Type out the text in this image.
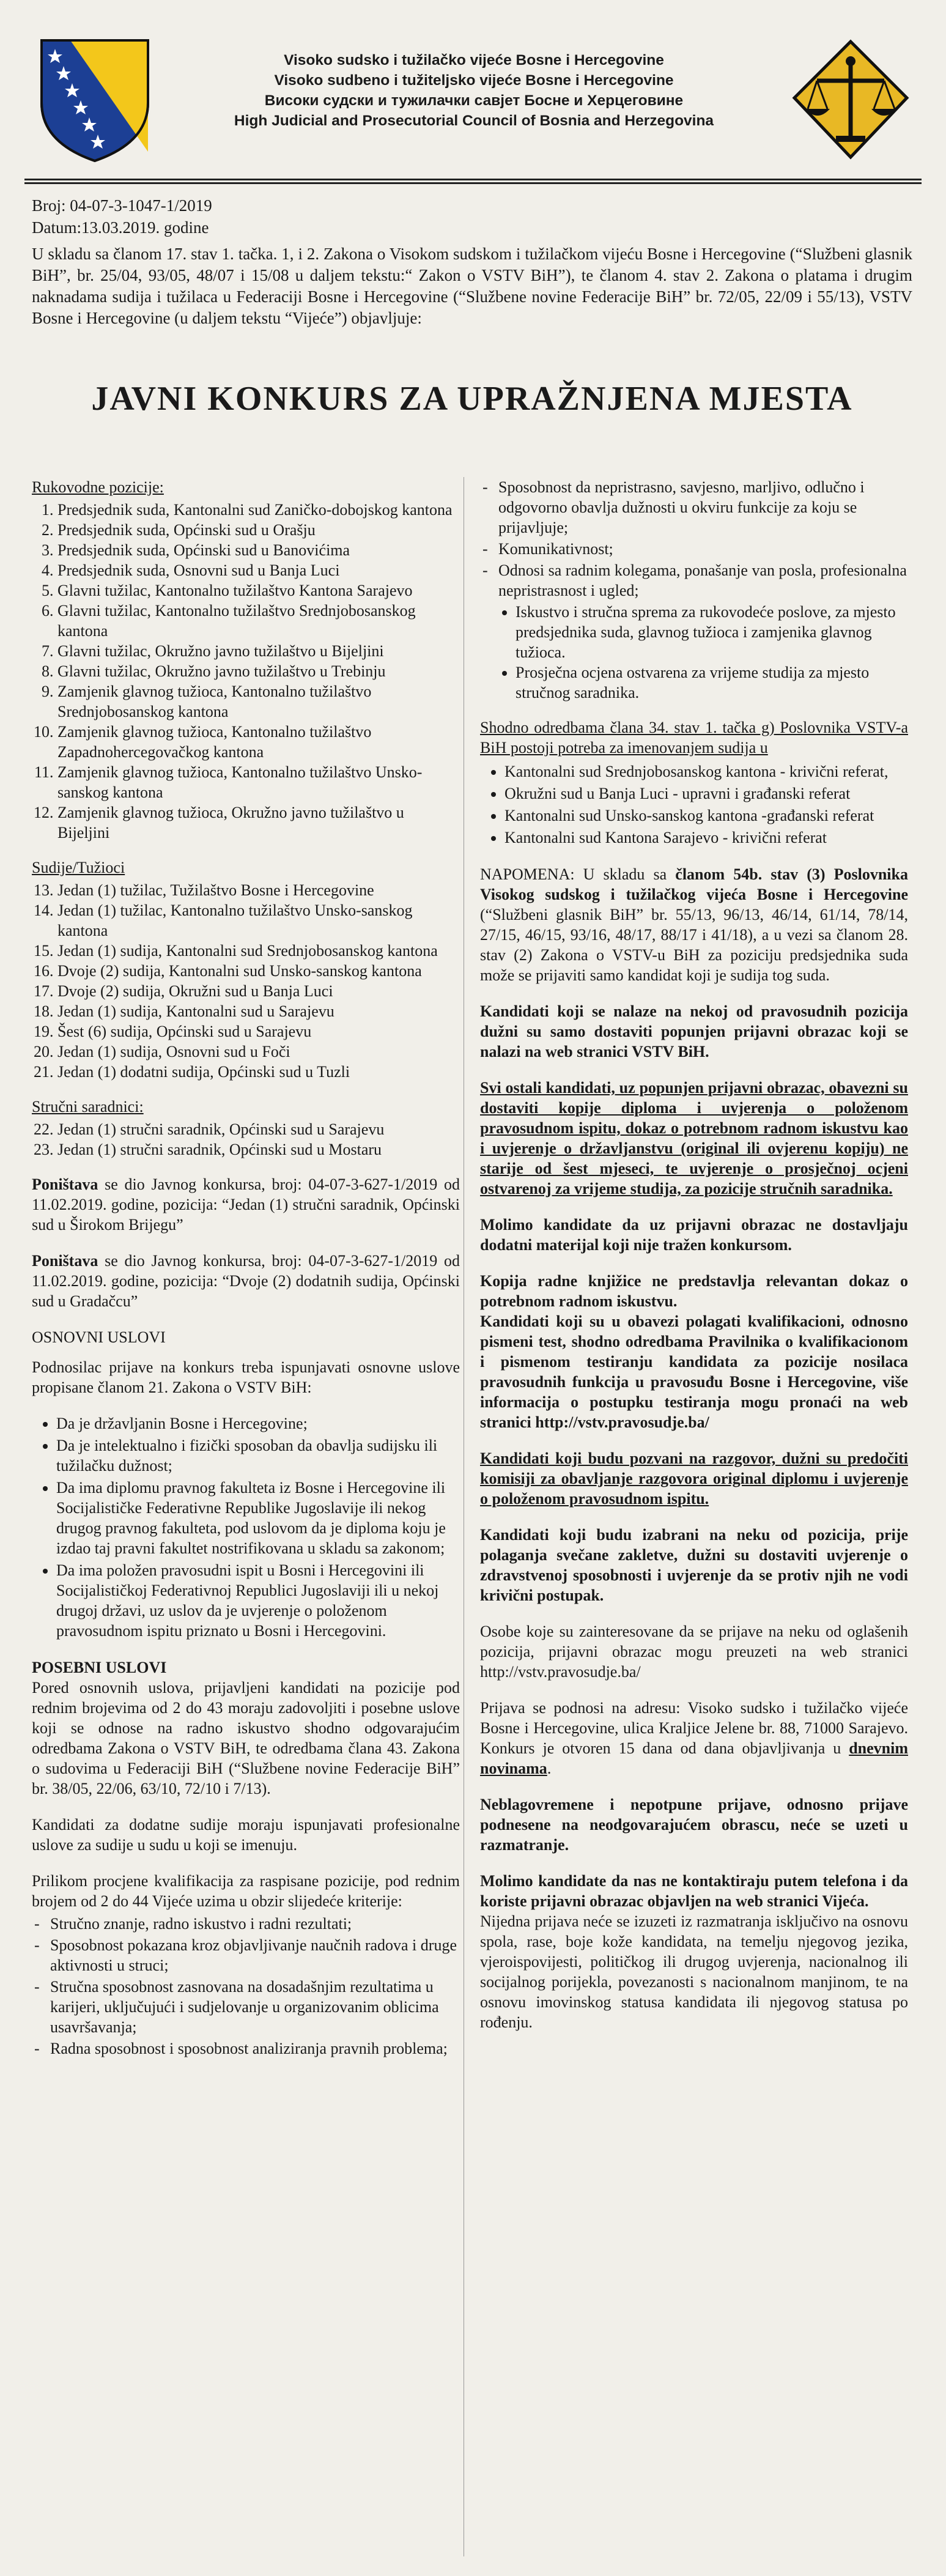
Visoko sudsko i tužilačko vijeće Bosne i Hercegovine
Visoko sudbeno i tužiteljsko vijeće Bosne i Hercegovine
Високи судски и тужилачки савјет Босне и Херцеговине
High Judicial and Prosecutorial Council of Bosnia and Herzegovina
Broj: 04-07-3-1047-1/2019
Datum:13.03.2019. godine
U skladu sa članom 17. stav 1. tačka. 1, i 2. Zakona o Visokom sudskom i tužilačkom vijeću Bosne i Hercegovine (“Službeni glasnik BiH”, br. 25/04, 93/05, 48/07 i 15/08 u daljem tekstu:“ Zakon o VSTV BiH”), te članom 4. stav 2. Zakona o platama i drugim naknadama sudija i tužilaca u Federaciji Bosne i Hercegovine (“Službene novine Federacije BiH” br. 72/05, 22/09 i 55/13), VSTV Bosne i Hercegovine (u daljem tekstu “Vijeće”) objavljuje:
JAVNI KONKURS ZA UPRAŽNJENA MJESTA
Rukovodne pozicije:
1. Predsjednik suda, Kantonalni sud Zaničko-dobojskog kantona
2. Predsjednik suda, Općinski sud u Orašju
3. Predsjednik suda, Općinski sud u Banovićima
4. Predsjednik suda, Osnovni sud u Banja Luci
5. Glavni tužilac, Kantonalno tužilaštvo Kantona Sarajevo
6. Glavni tužilac, Kantonalno tužilaštvo Srednjobosanskog kantona
7. Glavni tužilac, Okružno javno tužilaštvo u Bijeljini
8. Glavni tužilac, Okružno javno tužilaštvo u Trebinju
9. Zamjenik glavnog tužioca, Kantonalno tužilaštvo Srednjobosanskog kantona
10. Zamjenik glavnog tužioca, Kantonalno tužilaštvo Zapadnohercegovačkog kantona
11. Zamjenik glavnog tužioca, Kantonalno tužilaštvo Unsko-sanskog kantona
12. Zamjenik glavnog tužioca, Okružno javno tužilaštvo u Bijeljini
Sudije/Tužioci
13. Jedan (1) tužilac, Tužilaštvo Bosne i Hercegovine
14. Jedan (1) tužilac, Kantonalno tužilaštvo Unsko-sanskog kantona
15. Jedan (1) sudija, Kantonalni sud Srednjobosanskog kantona
16. Dvoje (2) sudija, Kantonalni sud Unsko-sanskog kantona
17. Dvoje (2) sudija, Okružni sud u Banja Luci
18. Jedan (1) sudija, Kantonalni sud u Sarajevu
19. Šest (6) sudija, Općinski sud u Sarajevu
20. Jedan (1) sudija, Osnovni sud u Foči
21. Jedan (1) dodatni sudija, Općinski sud u Tuzli
Stručni saradnici:
22. Jedan (1) stručni saradnik, Općinski sud u Sarajevu
23. Jedan (1) stručni saradnik, Općinski sud u Mostaru

Poništava se dio Javnog konkursa, broj: 04-07-3-627-1/2019 od 11.02.2019. godine, pozicija: “Jedan (1) stručni saradnik, Općinski sud u Širokom Brijegu”

Poništava se dio Javnog konkursa, broj: 04-07-3-627-1/2019 od 11.02.2019. godine, pozicija: “Dvoje (2) dodatnih sudija, Općinski sud u Gradačcu”

OSNOVNI USLOVI

Podnosilac prijave na konkurs treba ispunjavati osnovne uslove propisane članom 21. Zakona o VSTV BiH:

• Da je državljanin Bosne i Hercegovine;
• Da je intelektualno i fizički sposoban da obavlja sudijsku ili tužilačku dužnost;
• Da ima diplomu pravnog fakulteta iz Bosne i Hercegovine ili Socijalističke Federativne Republike Jugoslavije ili nekog drugog pravnog fakulteta, pod uslovom da je diploma koju je izdao taj pravni fakultet nostrifikovana u skladu sa zakonom;
• Da ima položen pravosudni ispit u Bosni i Hercegovini ili Socijalističkoj Federativnoj Republici Jugoslaviji ili u nekoj drugoj državi, uz uslov da je uvjerenje o položenom pravosudnom ispitu priznato u Bosni i Hercegovini.
POSEBNI USLOVI

Pored osnovnih uslova, prijavljeni kandidati na pozicije pod rednim brojevima od 2 do 43 moraju zadovoljiti i posebne uslove koji se odnose na radno iskustvo shodno odgovarajućim odredbama Zakona o VSTV BiH, te odredbama člana 43. Zakona o sudovima u Federaciji BiH (“Službene novine Federacije BiH” br. 38/05, 22/06, 63/10, 72/10 i 7/13).

Kandidati za dodatne sudije moraju ispunjavati profesionalne uslove za sudije u sudu u koji se imenuju.

Prilikom procjene kvalifikacija za raspisane pozicije, pod rednim brojem od 2 do 44 Vijeće uzima u obzir slijedeće kriterije:

- Stručno znanje, radno iskustvo i radni rezultati;
- Sposobnost pokazana kroz objavljivanje naučnih radova i druge aktivnosti u struci;
- Stručna sposobnost zasnovana na dosadašnjim rezultatima u karijeri, uključujući i sudjelovanje u organizovanim oblicima usavršavanja;
- Radna sposobnost i sposobnost analiziranja pravnih problema;
- Sposobnost da nepristrasno, savjesno, marljivo, odlučno i odgovorno obavlja dužnosti u okviru funkcije za koju se prijavljuje;
- Komunikativnost;
- Odnosi sa radnim kolegama, ponašanje van posla, profesionalna nepristrasnost i ugled;
• Iskustvo i stručna sprema za rukovodeće poslove, za mjesto predsjednika suda, glavnog tužioca i zamjenika glavnog tužioca.
• Prosječna ocjena ostvarena za vrijeme studija za mjesto stručnog saradnika.

Shodno odredbama člana 34. stav 1. tačka g) Poslovnika VSTV-a BiH postoji potreba za imenovanjem sudija u

• Kantonalni sud Srednjobosanskog kantona - krivični referat,
• Okružni sud u Banja Luci - upravni i građanski referat
• Kantonalni sud Unsko-sanskog kantona -građanski referat
• Kantonalni sud Kantona Sarajevo - krivični referat

NAPOMENA: U skladu sa članom 54b. stav (3) Poslovnika Visokog sudskog i tužilačkog vijeća Bosne i Hercegovine (“Službeni glasnik BiH” br. 55/13, 96/13, 46/14, 61/14, 78/14, 27/15, 46/15, 93/16, 48/17, 88/17 i 41/18), a u vezi sa članom 28. stav (2) Zakona o VSTV-u BiH za poziciju predsjednika suda može se prijaviti samo kandidat koji je sudija tog suda.

Kandidati koji se nalaze na nekoj od pravosudnih pozicija dužni su samo dostaviti popunjen prijavni obrazac koji se nalazi na web stranici VSTV BiH.

Svi ostali kandidati, uz popunjen prijavni obrazac, obavezni su dostaviti kopije diploma i uvjerenja o položenom pravosudnom ispitu, dokaz o potrebnom radnom iskustvu kao i uvjerenje o državljanstvu (original ili ovjerenu kopiju) ne starije od šest mjeseci, te uvjerenje o prosječnoj ocjeni ostvarenoj za vrijeme studija, za pozicije stručnih saradnika.

Molimo kandidate da uz prijavni obrazac ne dostavljaju dodatni materijal koji nije tražen konkursom.

Kopija radne knjižice ne predstavlja relevantan dokaz o potrebnom radnom iskustvu.

Kandidati koji su u obavezi polagati kvalifikacioni, odnosno pismeni test, shodno odredbama Pravilnika o kvalifikacionom i pismenom testiranju kandidata za pozicije nosilaca pravosudnih funkcija u pravosuđu Bosne i Hercegovine, više informacija o postupku testiranja mogu pronaći na web stranici http://vstv.pravosudje.ba/

Kandidati koji budu pozvani na razgovor, dužni su predočiti komisiji za obavljanje razgovora original diplomu i uvjerenje o položenom pravosudnom ispitu.

Kandidati koji budu izabrani na neku od pozicija, prije polaganja svečane zakletve, dužni su dostaviti uvjerenje o zdravstvenoj sposobnosti i uvjerenje da se protiv njih ne vodi krivični postupak.

Osobe koje su zainteresovane da se prijave na neku od oglašenih pozicija, prijavni obrazac mogu preuzeti na web stranici http://vstv.pravosudje.ba/

Prijava se podnosi na adresu: Visoko sudsko i tužilačko vijeće Bosne i Hercegovine, ulica Kraljice Jelene br. 88, 71000 Sarajevo. Konkurs je otvoren 15 dana od dana objavljivanja u dnevnim novinama.

Neblagovremene i nepotpune prijave, odnosno prijave podnesene na neodgovarajućem obrascu, neće se uzeti u razmatranje.

Molimo kandidate da nas ne kontaktiraju putem telefona i da koriste prijavni obrazac objavljen na web stranici Vijeća.

Nijedna prijava neće se izuzeti iz razmatranja isključivo na osnovu spola, rase, boje kože kandidata, na temelju njegovog jezika, vjeroispovijesti, političkog ili drugog uvjerenja, nacionalnog ili socijalnog porijekla, povezanosti s nacionalnom manjinom, te na osnovu imovinskog statusa kandidata ili njegovog statusa po rođenju.
